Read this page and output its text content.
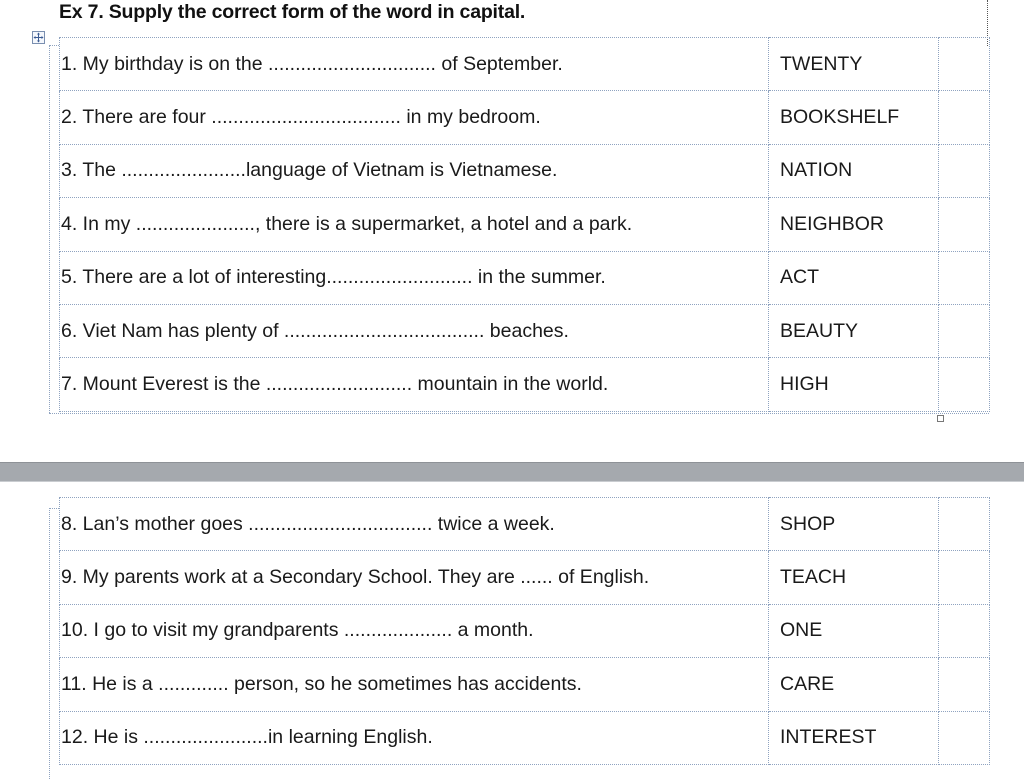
Ex 7. Supply the correct form of the word in capital.
1. My birthday is on the ............................... of September.	TWENTY	
2. There are four ................................... in my bedroom.	BOOKSHELF	
3. The .......................language of Vietnam is Vietnamese.	NATION	
4. In my ......................, there is a supermarket, a hotel and a park.	NEIGHBOR	
5. There are a lot of interesting........................... in the summer.	ACT	
6. Viet Nam has plenty of ..................................... beaches.	BEAUTY	
7. Mount Everest is the ........................... mountain in the world.	HIGH	
8. Lan’s mother goes .................................. twice a week.	SHOP	
9. My parents work at a Secondary School. They are ...... of English.	TEACH	
10. I go to visit my grandparents .................... a month.	ONE	
11. He is a ............. person, so he sometimes has accidents.	CARE	
12. He is .......................in learning English.	INTEREST	
